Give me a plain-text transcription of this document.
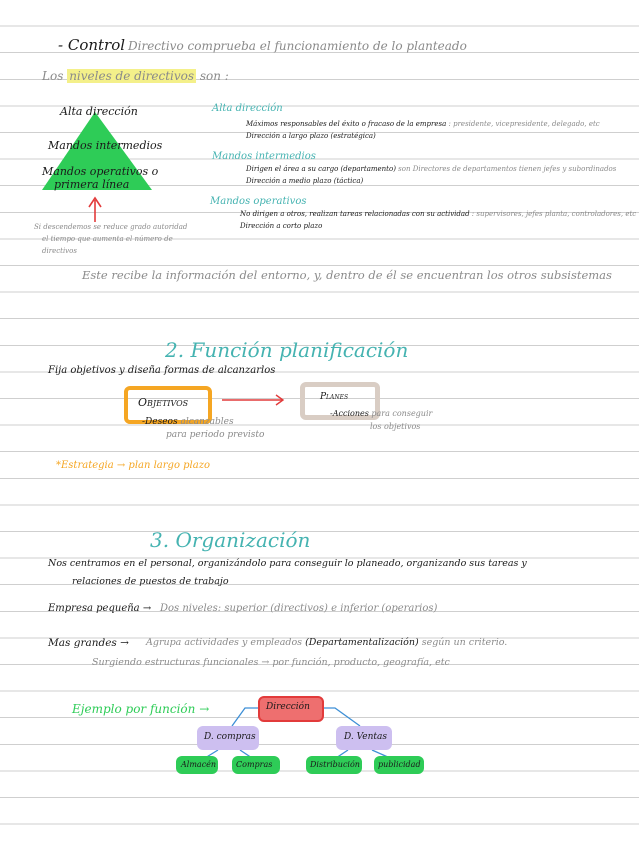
- Control Directivo comprueba el funcionamiento de lo planteado
Los niveles de directivos son :
Alta dirección
Mandos intermedios
Mandos operativos o
primera línea
Si descendemos se reduce grado autoridad
el tiempo que aumenta el número de
directivos
Alta dirección
Máximos responsables del éxito o fracaso de la empresa : presidente, vicepresidente, delegado, etc
Dirección a largo plazo (estratégica)
Mandos intermedios
Dirigen el área a su cargo (departamento) son Directores de departamentos tienen jefes y subordinados
Dirección a medio plazo (táctica)
Mandos operativos
No dirigen a otros, realizan tareas relacionadas con su actividad : supervisores, jefes planta, controladores, etc
Dirección a corto plazo
Este recibe la información del entorno, y, dentro de él se encuentran los otros subsistemas
2. Función planificación
Fija objetivos y diseña formas de alcanzarlos
Objetivos	Planes
-Deseos alcanzables
para periodo previsto
-Acciones para conseguir
los objetivos
*Estrategia → plan largo plazo
3. Organización
Nos centramos en el personal, organizándolo para conseguir lo planeado, organizando sus tareas y
relaciones de puestos de trabajo
Empresa pequeña → Dos niveles: superior (directivos) e inferior (operarios)
Mas grandes → Agrupa actividades y empleados (Departamentalización) según un criterio.
Surgiendo estructuras funcionales → por función, producto, geografía, etc
Ejemplo por función →	Dirección
D. compras	D. Ventas
Almacén Compras	Distribución publicidad
